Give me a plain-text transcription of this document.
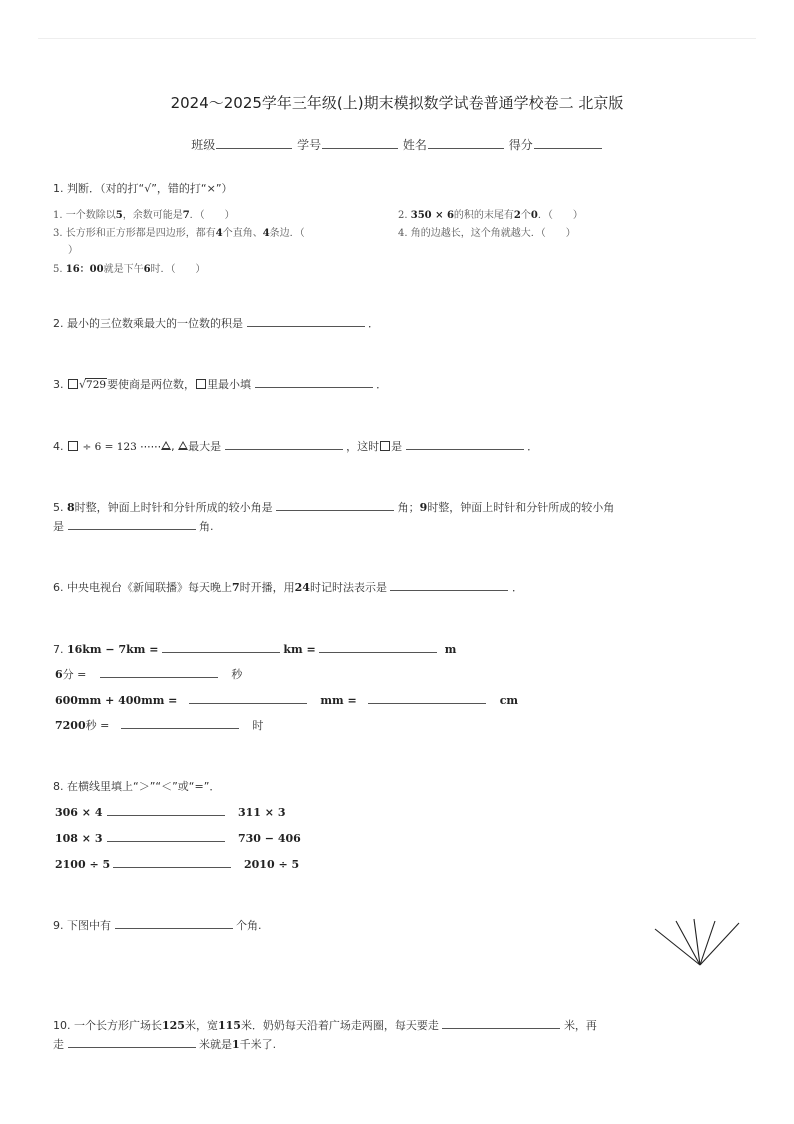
2024～2025学年三年级(上)期末模拟数学试卷普通学校卷二 北京版
班级	学号	姓名	得分
1. 判断．（对的打“√”，错的打“×”）
1. 一个数除以5，余数可能是7．（　　）	2. 350 × 6的积的末尾有2个0．（　　）
3. 长方形和正方形都是四边形，都有4个直角、4条边．（
）
4. 角的边越长，这个角就越大．（　　）
5. 16：00就是下午6时．（　　）
2. 最小的三位数乘最大的一位数的积是	．
3. √729要使商是两位数， 里最小填	．
4.  ÷ 6 = 123 ⋯⋯ , 最大是	，这时 是	．
5. 8时整，钟面上时针和分针所成的较小角是	角；9时整，钟面上时针和分针所成的较小角
是	角.
6. 中央电视台《新闻联播》每天晚上7时开播，用24时记时法表示是	．
7. 16km − 7km =	km =	m
6分 =	秒
600mm + 400mm =	mm =	cm
7200秒 =	时
8. 在横线里填上“＞”“＜”或“=”．
306 × 4	311 × 3
108 × 3	730 − 406
2100 ÷ 5	2010 ÷ 5
9. 下图中有	个角.
10. 一个长方形广场长125米，宽115米．奶奶每天沿着广场走两圈，每天要走	米，再
走	米就是1千米了.
